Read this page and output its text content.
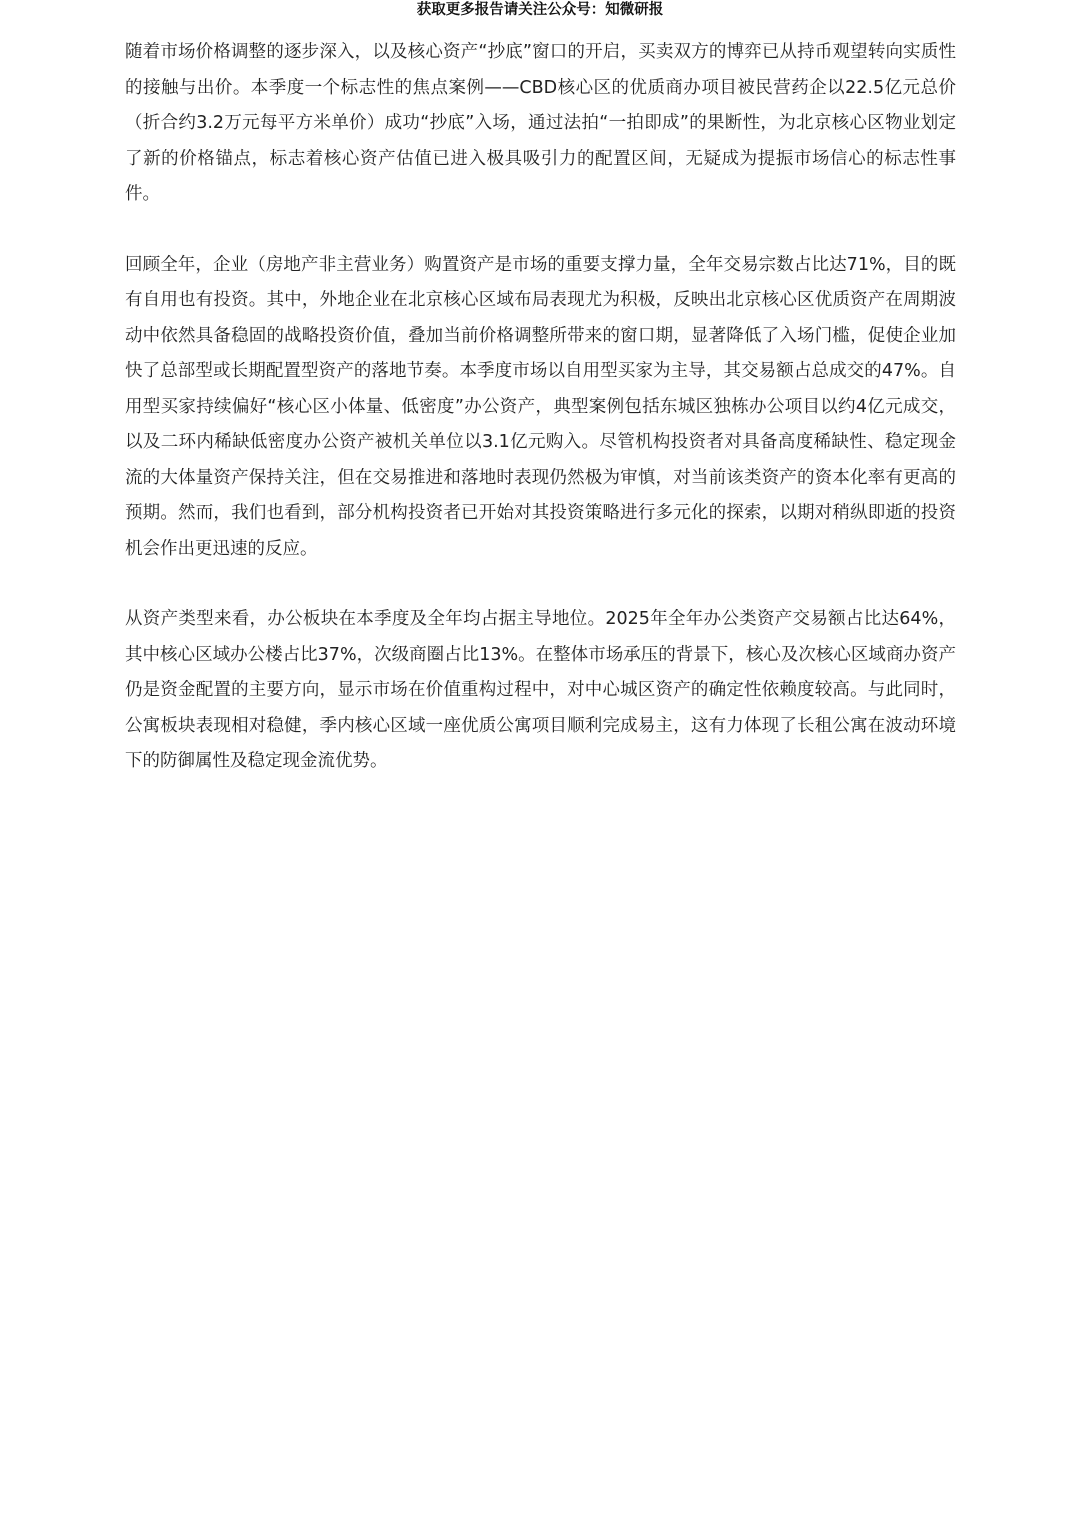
获取更多报告请关注公众号：知微研报

随着市场价格调整的逐步深入，以及核心资产“抄底”窗口的开启，买卖双方的博弈已从持币观望转向实质性的接触与出价。本季度一个标志性的焦点案例——CBD核心区的优质商办项目被民营药企以22.5亿元总价（折合约3.2万元每平方米单价）成功“抄底”入场，通过法拍“一拍即成”的果断性，为北京核心区物业划定了新的价格锚点，标志着核心资产估值已进入极具吸引力的配置区间，无疑成为提振市场信心的标志性事件。

回顾全年，企业（房地产非主营业务）购置资产是市场的重要支撑力量，全年交易宗数占比达71%，目的既有自用也有投资。其中，外地企业在北京核心区域布局表现尤为积极，反映出北京核心区优质资产在周期波动中依然具备稳固的战略投资价值，叠加当前价格调整所带来的窗口期，显著降低了入场门槛，促使企业加快了总部型或长期配置型资产的落地节奏。本季度市场以自用型买家为主导，其交易额占总成交的47%。自用型买家持续偏好“核心区小体量、低密度”办公资产，典型案例包括东城区独栋办公项目以约4亿元成交，以及二环内稀缺低密度办公资产被机关单位以3.1亿元购入。尽管机构投资者对具备高度稀缺性、稳定现金流的大体量资产保持关注，但在交易推进和落地时表现仍然极为审慎，对当前该类资产的资本化率有更高的预期。然而，我们也看到，部分机构投资者已开始对其投资策略进行多元化的探索，以期对稍纵即逝的投资机会作出更迅速的反应。

从资产类型来看，办公板块在本季度及全年均占据主导地位。2025年全年办公类资产交易额占比达64%，其中核心区域办公楼占比37%，次级商圈占比13%。在整体市场承压的背景下，核心及次核心区域商办资产仍是资金配置的主要方向，显示市场在价值重构过程中，对中心城区资产的确定性依赖度较高。与此同时，公寓板块表现相对稳健，季内核心区域一座优质公寓项目顺利完成易主，这有力体现了长租公寓在波动环境下的防御属性及稳定现金流优势。
